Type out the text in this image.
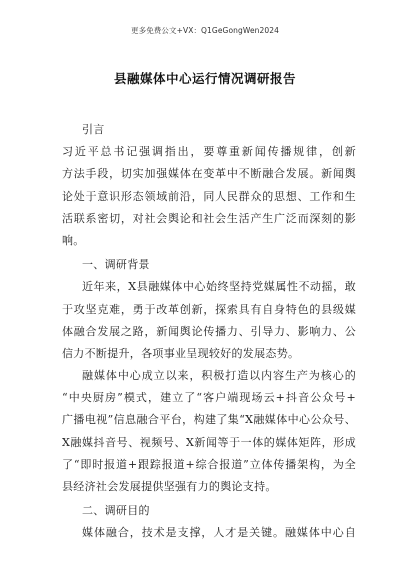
更多免费公文+VX：Q1GeGongWen2024
县融媒体中心运行情况调研报告
引言
习近平总书记强调指出，要尊重新闻传播规律，创新
方法手段，切实加强媒体在变革中不断融合发展。新闻舆
论处于意识形态领域前沿，同人民群众的思想、工作和生
活联系密切，对社会舆论和社会生活产生广泛而深刻的影
响。
一、调研背景
近年来，X县融媒体中心始终坚持党媒属性不动摇，敢
于攻坚克难，勇于改革创新，探索具有自身特色的县级媒
体融合发展之路，新闻舆论传播力、引导力、影响力、公
信力不断提升，各项事业呈现较好的发展态势。
融媒体中心成立以来，积极打造以内容生产为核心的
“中央厨房”模式，建立了“客户端现场云+抖音公众号+
广播电视”信息融合平台，构建了集“X融媒体中心公众号、
X融媒抖音号、视频号、X新闻等于一体的媒体矩阵，形成
了“即时报道+跟踪报道+综合报道”立体传播架构，为全
县经济社会发展提供坚强有力的舆论支持。
二、调研目的
媒体融合，技术是支撑，人才是关键。融媒体中心自
